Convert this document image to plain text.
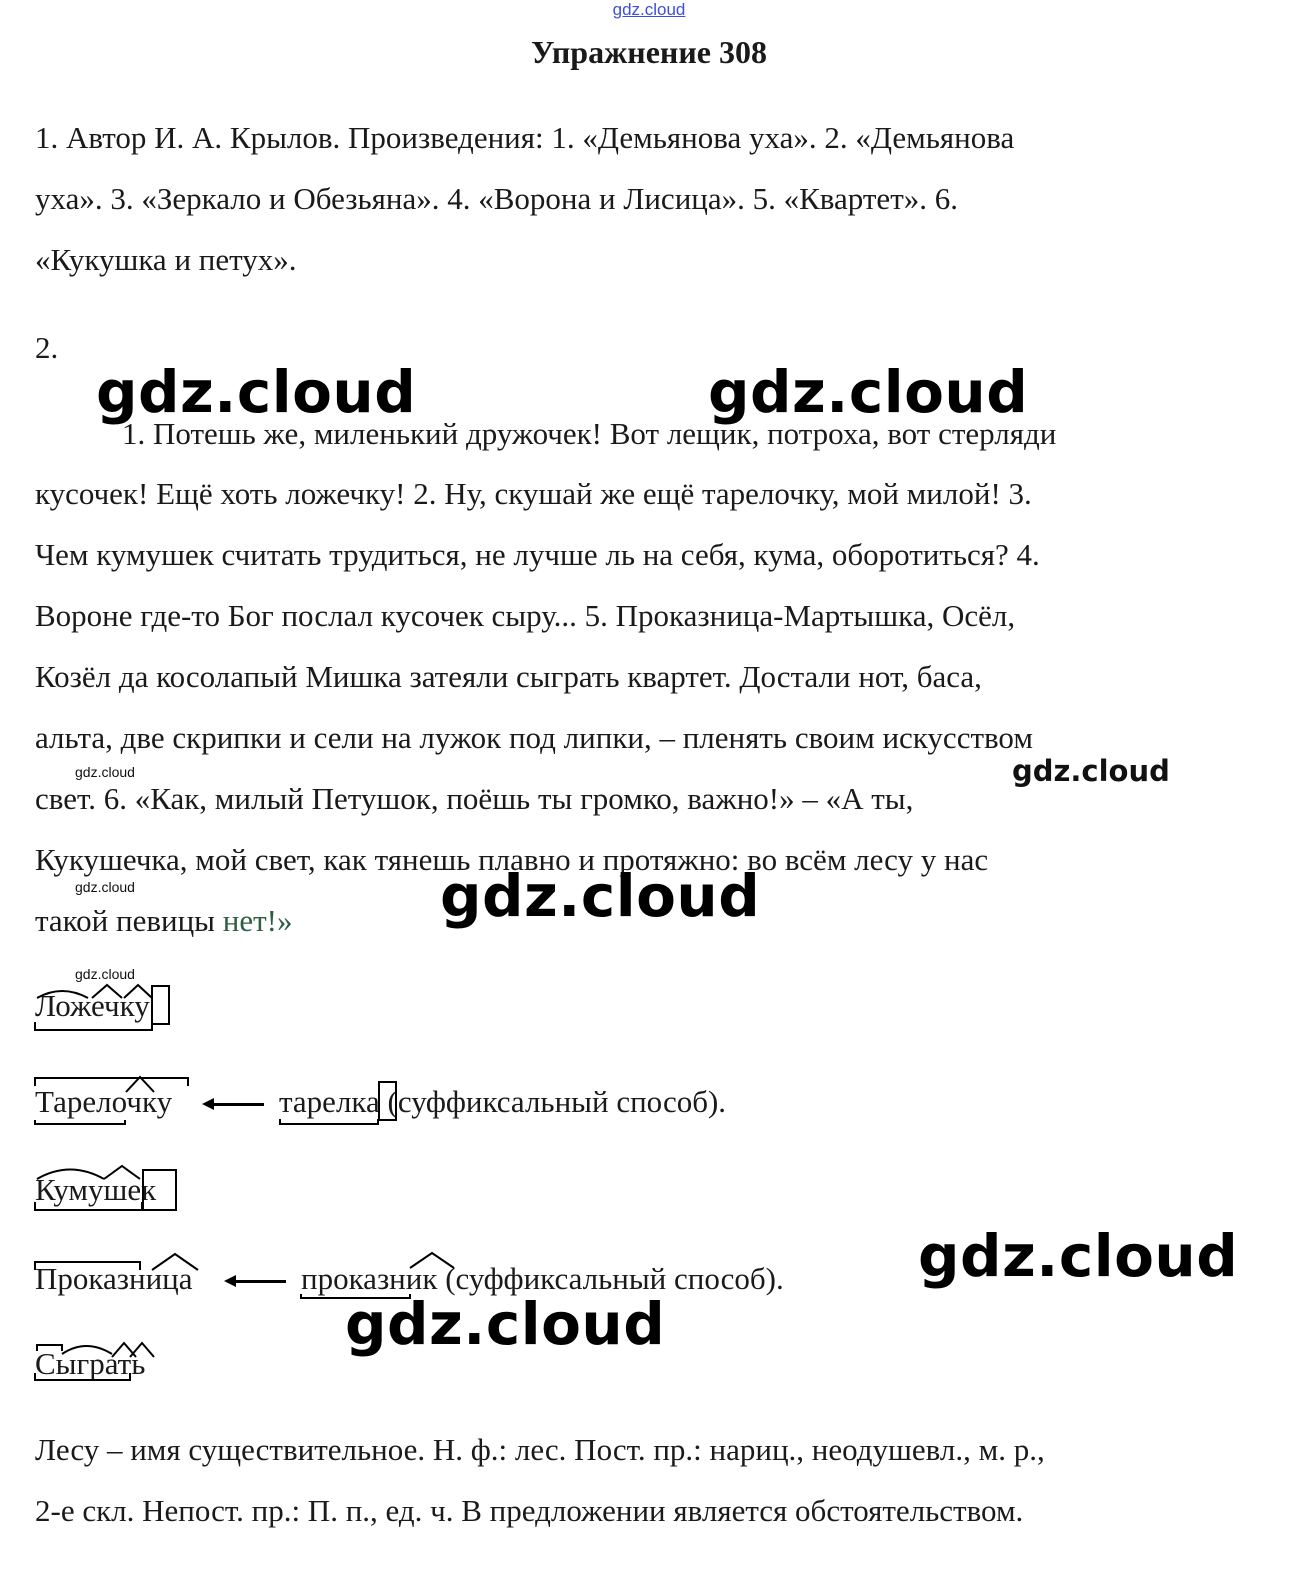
gdz.cloud
Упражнение 308
1. Автор И. А. Крылов. Произведения: 1. «Демьянова уха». 2. «Демьянова
уха». 3. «Зеркало и Обезьяна». 4. «Ворона и Лисица». 5. «Квартет». 6.
«Кукушка и петух».
2.
1. Потешь же, миленький дружочек! Вот лещик, потроха, вот стерляди
кусочек! Ещё хоть ложечку! 2. Ну, скушай же ещё тарелочку, мой милой! 3.
Чем кумушек считать трудиться, не лучше ль на себя, кума, оборотиться? 4.
Вороне где-то Бог послал кусочек сыру... 5. Проказница-Мартышка, Осёл,
Козёл да косолапый Мишка затеяли сыграть квартет. Достали нот, баса,
альта, две скрипки и сели на лужок под липки, – пленять своим искусством
свет. 6. «Как, милый Петушок, поёшь ты громко, важно!» – «А ты,
Кукушечка, мой свет, как тянешь плавно и протяжно: во всём лесу у нас
такой певицы нет!»
Ложечку
Тарелочку	тарелка (суффиксальный способ).
Кумушек
Проказница	проказник (суффиксальный способ).
Сыграть
Лесу – имя существительное. Н. ф.: лес. Пост. пр.: нариц., неодушевл., м. р.,
2-е скл. Непост. пр.: П. п., ед. ч. В предложении является обстоятельством.
gdz.cloud	gdz.cloud
gdz.cloud
gdz.cloud
gdz.cloud
gdz.cloud
gdz.cloud
gdz.cloud
gdz.cloud
